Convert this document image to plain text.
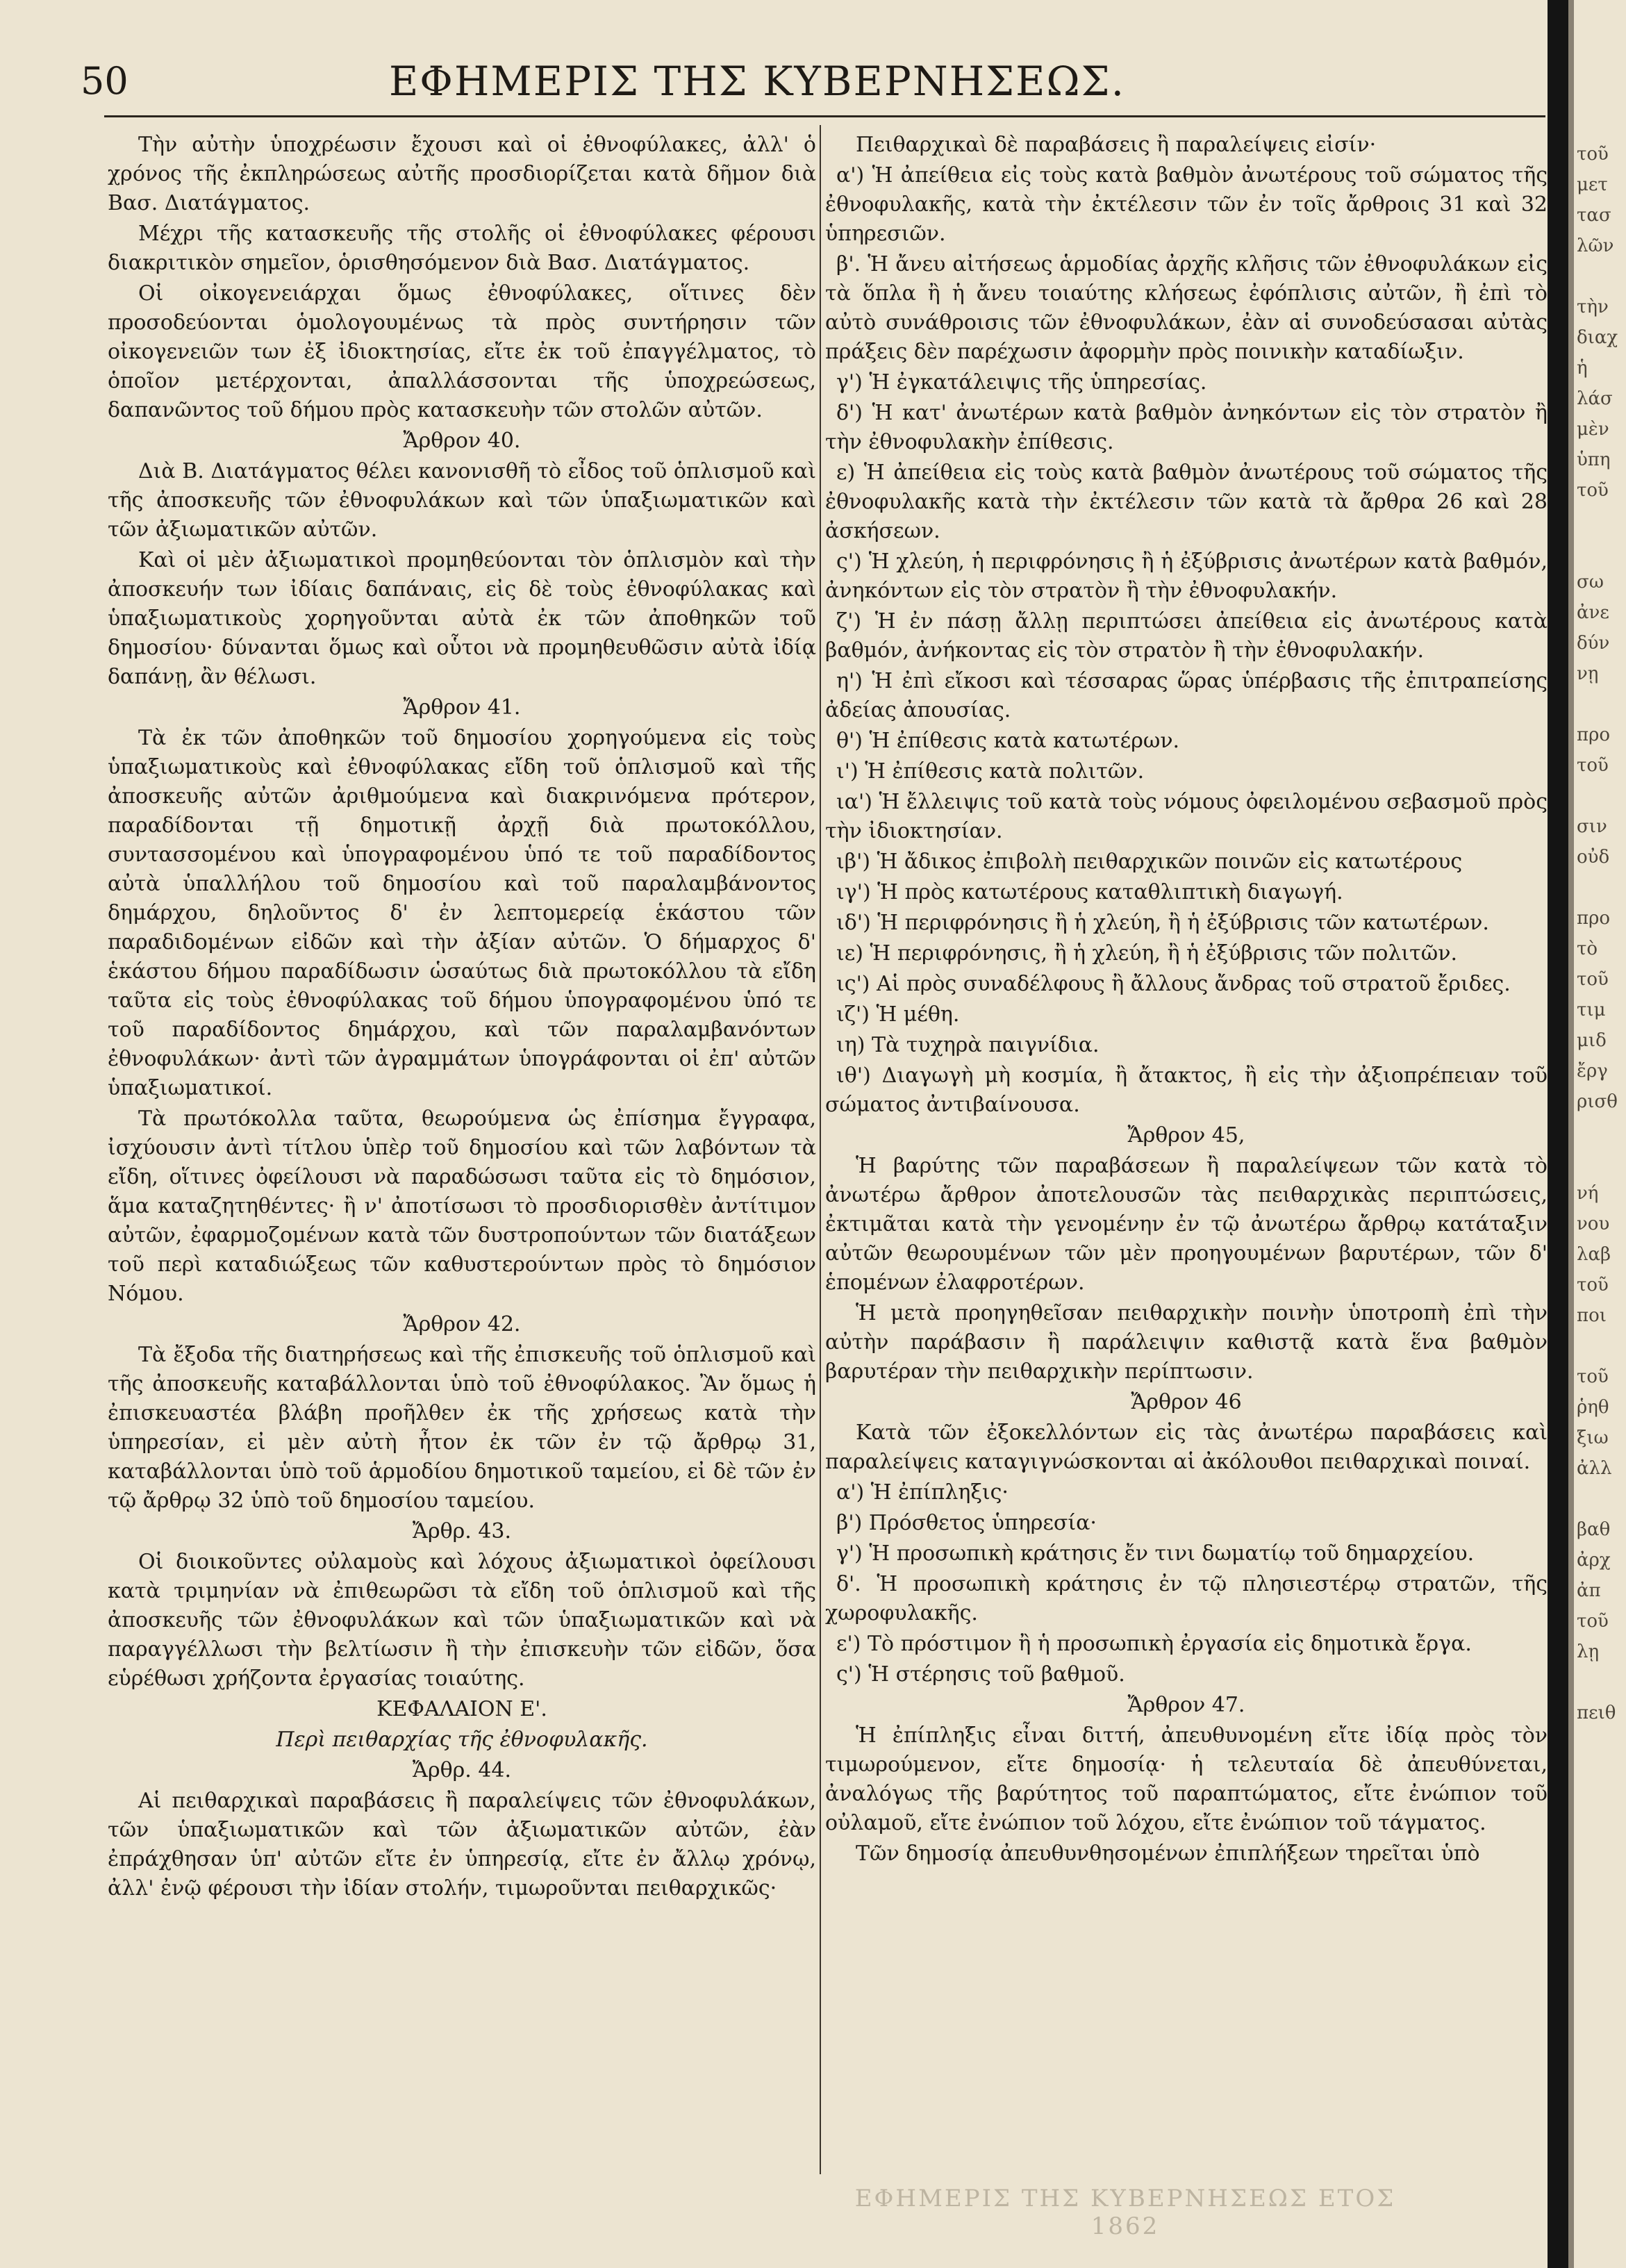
50	ΕΦΗΜΕΡΙΣ ΤΗΣ ΚΥΒΕΡΝΗΣΕΩΣ.

Τὴν αὐτὴν ὑποχρέωσιν ἔχουσι καὶ οἱ ἐθνοφύλακες, ἀλλ' ὁ χρόνος τῆς ἐκπληρώσεως αὐτῆς προσδιορίζεται κατὰ δῆμον διὰ Βασ. Διατάγματος.

Μέχρι τῆς κατασκευῆς τῆς στολῆς οἱ ἐθνοφύλακες φέρουσι διακριτικὸν σημεῖον, ὁρισθησόμενον διὰ Βασ. Διατάγματος.

Οἱ οἰκογενειάρχαι ὅμως ἐθνοφύλακες, οἵτινες δὲν προσοδεύονται ὁμολογουμένως τὰ πρὸς συντήρησιν τῶν οἰκογενειῶν των ἐξ ἰδιοκτησίας, εἴτε ἐκ τοῦ ἐπαγγέλματος, τὸ ὁποῖον μετέρχονται, ἀπαλλάσσονται τῆς ὑποχρεώσεως, δαπανῶντος τοῦ δήμου πρὸς κατασκευὴν τῶν στολῶν αὐτῶν.

Ἄρθρον 40.

Διὰ Β. Διατάγματος θέλει κανονισθῆ τὸ εἶδος τοῦ ὁπλισμοῦ καὶ τῆς ἀποσκευῆς τῶν ἐθνοφυλάκων καὶ τῶν ὑπαξιωματικῶν καὶ τῶν ἀξιωματικῶν αὐτῶν.

Καὶ οἱ μὲν ἀξιωματικοὶ προμηθεύονται τὸν ὁπλισμὸν καὶ τὴν ἀποσκευήν των ἰδίαις δαπάναις, εἰς δὲ τοὺς ἐθνοφύλακας καὶ ὑπαξιωματικοὺς χορηγοῦνται αὐτὰ ἐκ τῶν ἀποθηκῶν τοῦ δημοσίου· δύνανται ὅμως καὶ οὗτοι νὰ προμηθευθῶσιν αὐτὰ ἰδίᾳ δαπάνῃ, ἂν θέλωσι.

Ἄρθρον 41.

Τὰ ἐκ τῶν ἀποθηκῶν τοῦ δημοσίου χορηγούμενα εἰς τοὺς ὑπαξιωματικοὺς καὶ ἐθνοφύλακας εἴδη τοῦ ὁπλισμοῦ καὶ τῆς ἀποσκευῆς αὐτῶν ἀριθμούμενα καὶ διακρινόμενα πρότερον, παραδίδονται τῇ δημοτικῇ ἀρχῇ διὰ πρωτοκόλλου, συντασσομένου καὶ ὑπογραφομένου ὑπό τε τοῦ παραδίδοντος αὐτὰ ὑπαλλήλου τοῦ δημοσίου καὶ τοῦ παραλαμβάνοντος δημάρχου, δηλοῦντος δ' ἐν λεπτομερείᾳ ἑκάστου τῶν παραδιδομένων εἰδῶν καὶ τὴν ἀξίαν αὐτῶν. Ὁ δήμαρχος δ' ἑκάστου δήμου παραδίδωσιν ὡσαύτως διὰ πρωτοκόλλου τὰ εἴδη ταῦτα εἰς τοὺς ἐθνοφύλακας τοῦ δήμου ὑπογραφομένου ὑπό τε τοῦ παραδίδοντος δημάρχου, καὶ τῶν παραλαμβανόντων ἐθνοφυλάκων· ἀντὶ τῶν ἀγραμμάτων ὑπογράφονται οἱ ἐπ' αὐτῶν ὑπαξιωματικοί.

Τὰ πρωτόκολλα ταῦτα, θεωρούμενα ὡς ἐπίσημα ἔγγραφα, ἰσχύουσιν ἀντὶ τίτλου ὑπὲρ τοῦ δημοσίου καὶ τῶν λαβόντων τὰ εἴδη, οἵτινες ὀφείλουσι νὰ παραδώσωσι ταῦτα εἰς τὸ δημόσιον, ἅμα καταζητηθέντες· ἢ ν' ἀποτίσωσι τὸ προσδιορισθὲν ἀντίτιμον αὐτῶν, ἐφαρμοζομένων κατὰ τῶν δυστροπούντων τῶν διατάξεων τοῦ περὶ καταδιώξεως τῶν καθυστερούντων πρὸς τὸ δημόσιον Νόμου.

Ἄρθρον 42.

Τὰ ἔξοδα τῆς διατηρήσεως καὶ τῆς ἐπισκευῆς τοῦ ὁπλισμοῦ καὶ τῆς ἀποσκευῆς καταβάλλονται ὑπὸ τοῦ ἐθνοφύλακος. Ἂν ὅμως ἡ ἐπισκευαστέα βλάβη προῆλθεν ἐκ τῆς χρήσεως κατὰ τὴν ὑπηρεσίαν, εἰ μὲν αὐτὴ ἦτον ἐκ τῶν ἐν τῷ ἄρθρῳ 31, καταβάλλονται ὑπὸ τοῦ ἁρμοδίου δημοτικοῦ ταμείου, εἰ δὲ τῶν ἐν τῷ ἄρθρῳ 32 ὑπὸ τοῦ δημοσίου ταμείου.

Ἄρθρ. 43.

Οἱ διοικοῦντες οὐλαμοὺς καὶ λόχους ἀξιωματικοὶ ὀφείλουσι κατὰ τριμηνίαν νὰ ἐπιθεωρῶσι τὰ εἴδη τοῦ ὁπλισμοῦ καὶ τῆς ἀποσκευῆς τῶν ἐθνοφυλάκων καὶ τῶν ὑπαξιωματικῶν καὶ νὰ παραγγέλλωσι τὴν βελτίωσιν ἢ τὴν ἐπισκευὴν τῶν εἰδῶν, ὅσα εὑρέθωσι χρήζοντα ἐργασίας τοιαύτης.

ΚΕΦΑΛΑΙΟΝ Ε'.

Περὶ πειθαρχίας τῆς ἐθνοφυλακῆς.

Ἄρθρ. 44.

Αἱ πειθαρχικαὶ παραβάσεις ἢ παραλείψεις τῶν ἐθνοφυλάκων, τῶν ὑπαξιωματικῶν καὶ τῶν ἀξιωματικῶν αὐτῶν, ἐὰν ἐπράχθησαν ὑπ' αὐτῶν εἴτε ἐν ὑπηρεσίᾳ, εἴτε ἐν ἄλλῳ χρόνῳ, ἀλλ' ἐνῷ φέρουσι τὴν ἰδίαν στολήν, τιμωροῦνται πειθαρχικῶς·

Πειθαρχικαὶ δὲ παραβάσεις ἢ παραλείψεις εἰσίν·

α') Ἡ ἀπείθεια εἰς τοὺς κατὰ βαθμὸν ἀνωτέρους τοῦ σώματος τῆς ἐθνοφυλακῆς, κατὰ τὴν ἐκτέλεσιν τῶν ἐν τοῖς ἄρθροις 31 καὶ 32 ὑπηρεσιῶν.

β'. Ἡ ἄνευ αἰτήσεως ἁρμοδίας ἀρχῆς κλῆσις τῶν ἐθνοφυλάκων εἰς τὰ ὅπλα ἢ ἡ ἄνευ τοιαύτης κλήσεως ἐφόπλισις αὐτῶν, ἢ ἐπὶ τὸ αὐτὸ συνάθροισις τῶν ἐθνοφυλάκων, ἐὰν αἱ συνοδεύσασαι αὐτὰς πράξεις δὲν παρέχωσιν ἀφορμὴν πρὸς ποινικὴν καταδίωξιν.

γ') Ἡ ἐγκατάλειψις τῆς ὑπηρεσίας.

δ') Ἡ κατ' ἀνωτέρων κατὰ βαθμὸν ἀνηκόντων εἰς τὸν στρατὸν ἢ τὴν ἐθνοφυλακὴν ἐπίθεσις.

ε) Ἡ ἀπείθεια εἰς τοὺς κατὰ βαθμὸν ἀνωτέρους τοῦ σώματος τῆς ἐθνοφυλακῆς κατὰ τὴν ἐκτέλεσιν τῶν κατὰ τὰ ἄρθρα 26 καὶ 28 ἀσκήσεων.

ς') Ἡ χλεύη, ἡ περιφρόνησις ἢ ἡ ἐξύβρισις ἀνωτέρων κατὰ βαθμόν, ἀνηκόντων εἰς τὸν στρατὸν ἢ τὴν ἐθνοφυλακήν.

ζ') Ἡ ἐν πάσῃ ἄλλῃ περιπτώσει ἀπείθεια εἰς ἀνωτέρους κατὰ βαθμόν, ἀνήκοντας εἰς τὸν στρατὸν ἢ τὴν ἐθνοφυλακήν.

η') Ἡ ἐπὶ εἴκοσι καὶ τέσσαρας ὥρας ὑπέρβασις τῆς ἐπιτραπείσης ἀδείας ἀπουσίας.

θ') Ἡ ἐπίθεσις κατὰ κατωτέρων.

ι') Ἡ ἐπίθεσις κατὰ πολιτῶν.

ια') Ἡ ἔλλειψις τοῦ κατὰ τοὺς νόμους ὀφειλομένου σεβασμοῦ πρὸς τὴν ἰδιοκτησίαν.

ιβ') Ἡ ἄδικος ἐπιβολὴ πειθαρχικῶν ποινῶν εἰς κατωτέρους

ιγ') Ἡ πρὸς κατωτέρους καταθλιπτικὴ διαγωγή.

ιδ') Ἡ περιφρόνησις ἢ ἡ χλεύη, ἢ ἡ ἐξύβρισις τῶν κατωτέρων.

ιε) Ἡ περιφρόνησις, ἢ ἡ χλεύη, ἢ ἡ ἐξύβρισις τῶν πολιτῶν.

ις') Αἱ πρὸς συναδέλφους ἢ ἄλλους ἄνδρας τοῦ στρατοῦ ἔριδες.

ιζ') Ἡ μέθη.

ιη) Τὰ τυχηρὰ παιγνίδια.

ιθ') Διαγωγὴ μὴ κοσμία, ἢ ἄτακτος, ἢ εἰς τὴν ἀξιοπρέπειαν τοῦ σώματος ἀντιβαίνουσα.

Ἄρθρον 45,

Ἡ βαρύτης τῶν παραβάσεων ἢ παραλείψεων τῶν κατὰ τὸ ἀνωτέρω ἄρθρον ἀποτελουσῶν τὰς πειθαρχικὰς περιπτώσεις, ἐκτιμᾶται κατὰ τὴν γενομένην ἐν τῷ ἀνωτέρω ἄρθρῳ κατάταξιν αὐτῶν θεωρουμένων τῶν μὲν προηγουμένων βαρυτέρων, τῶν δ' ἑπομένων ἐλαφροτέρων.

Ἡ μετὰ προηγηθεῖσαν πειθαρχικὴν ποινὴν ὑποτροπὴ ἐπὶ τὴν αὐτὴν παράβασιν ἢ παράλειψιν καθιστᾷ κατὰ ἕνα βαθμὸν βαρυτέραν τὴν πειθαρχικὴν περίπτωσιν.

Ἄρθρον 46

Κατὰ τῶν ἐξοκελλόντων εἰς τὰς ἀνωτέρω παραβάσεις καὶ παραλείψεις καταγιγνώσκονται αἱ ἀκόλουθοι πειθαρχικαὶ ποιναί.

α') Ἡ ἐπίπληξις·

β') Πρόσθετος ὑπηρεσία·

γ') Ἡ προσωπικὴ κράτησις ἔν τινι δωματίῳ τοῦ δημαρχείου.

δ'. Ἡ προσωπικὴ κράτησις ἐν τῷ πλησιεστέρῳ στρατῶν, τῆς χωροφυλακῆς.

ε') Τὸ πρόστιμον ἢ ἡ προσωπικὴ ἐργασία εἰς δημοτικὰ ἔργα.

ς') Ἡ στέρησις τοῦ βαθμοῦ.

Ἄρθρον 47.

Ἡ ἐπίπληξις εἶναι διττή, ἀπευθυνομένη εἴτε ἰδίᾳ πρὸς τὸν τιμωρούμενον, εἴτε δημοσίᾳ· ἡ τελευταία δὲ ἀπευθύνεται, ἀναλόγως τῆς βαρύτητος τοῦ παραπτώματος, εἴτε ἐνώπιον τοῦ οὐλαμοῦ, εἴτε ἐνώπιον τοῦ λόχου, εἴτε ἐνώπιον τοῦ τάγματος.

Τῶν δημοσίᾳ ἀπευθυνθησομένων ἐπιπλήξεων τηρεῖται ὑπὸ

τοῦ
μετ
τασ
λῶν
τὴν
διαχ
ἡ
λάσ
μὲν
ὑπη
τοῦ
σω
ἀνε
δύν
νῃ
προ
τοῦ
σιν
οὐδ
προ
τὸ
τοῦ
τιμ
μιδ
ἔργ
ρισθ
νή
νου
λαβ
τοῦ
ποι
τοῦ
ῥηθ
ξιω
ἀλλ
βαθ
ἀρχ
ἀπ
τοῦ
λῃ
πειθ
ΕΦΗΜΕΡΙΣ ΤΗΣ ΚΥΒΕΡΝΗΣΕΩΣ ΕΤΟΣ 1862
